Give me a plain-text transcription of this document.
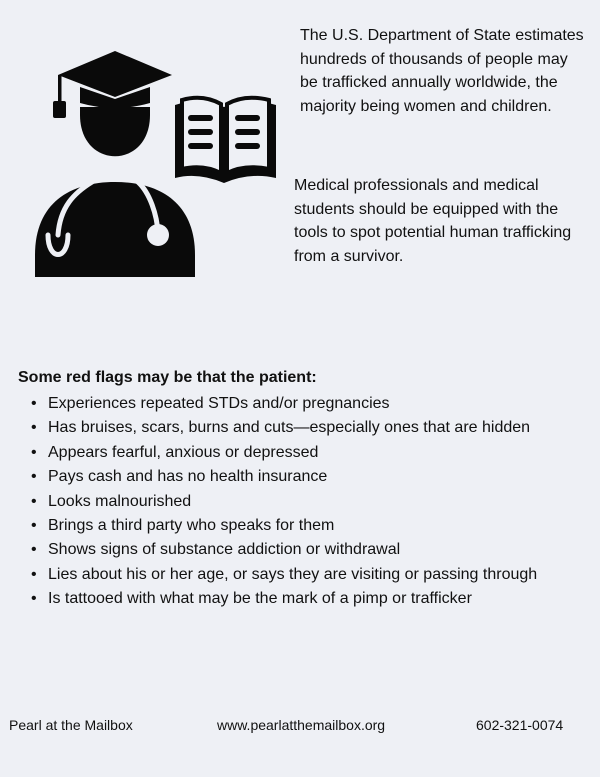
The U.S. Department of State estimates hundreds of thousands of people may be trafficked annually worldwide, the majority being women and children.

Medical professionals and medical students should be equipped with the tools to spot potential human trafficking from a survivor.

Some red flags may be that the patient:

• Experiences repeated STDs and/or pregnancies
• Has bruises, scars, burns and cuts—especially ones that are hidden
• Appears fearful, anxious or depressed
• Pays cash and has no health insurance
• Looks malnourished
• Brings a third party who speaks for them
• Shows signs of substance addiction or withdrawal
• Lies about his or her age, or says they are visiting or passing through
• Is tattooed with what may be the mark of a pimp or trafficker
Pearl at the Mailbox	www.pearlatthemailbox.org	602-321-0074
